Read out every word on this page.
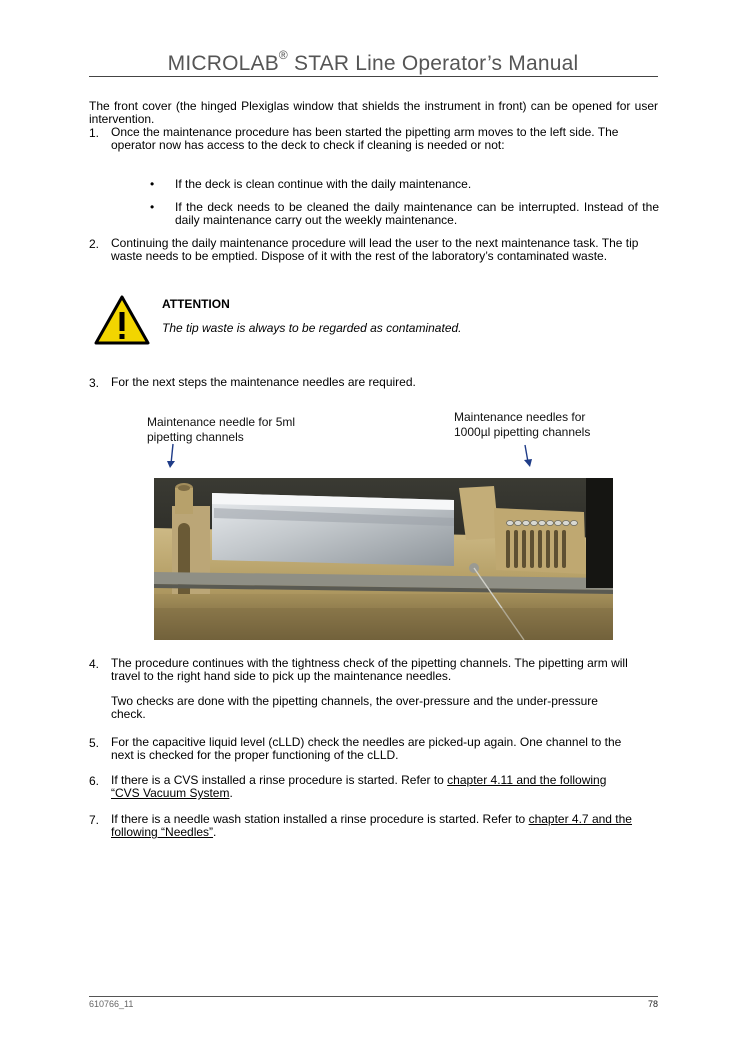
MICROLAB® STAR Line Operator’s Manual
The front cover (the hinged Plexiglas window that shields the instrument in front) can be opened for user intervention.
1. Once the maintenance procedure has been started the pipetting arm moves to the left side. The operator now has access to the deck to check if cleaning is needed or not:
• If the deck is clean continue with the daily maintenance.
• If the deck needs to be cleaned the daily maintenance can be interrupted. Instead of the daily maintenance carry out the weekly maintenance.
2. Continuing the daily maintenance procedure will lead the user to the next maintenance task. The tip waste needs to be emptied. Dispose of it with the rest of the laboratory’s contaminated waste.
ATTENTION
The tip waste is always to be regarded as contaminated.
3. For the next steps the maintenance needles are required.
Maintenance needle for 5ml pipetting channels
Maintenance needles for 1000µl pipetting channels
4. The procedure continues with the tightness check of the pipetting channels. The pipetting arm will travel to the right hand side to pick up the maintenance needles.
Two checks are done with the pipetting channels, the over-pressure and the under-pressure check.
5. For the capacitive liquid level (cLLD) check the needles are picked-up again. One channel to the next is checked for the proper functioning of the cLLD.
6. If there is a CVS installed a rinse procedure is started. Refer to chapter 4.11 and the following “CVS Vacuum System.
7. If there is a needle wash station installed a rinse procedure is started. Refer to chapter 4.7 and the following “Needles”.
610766_11	78
